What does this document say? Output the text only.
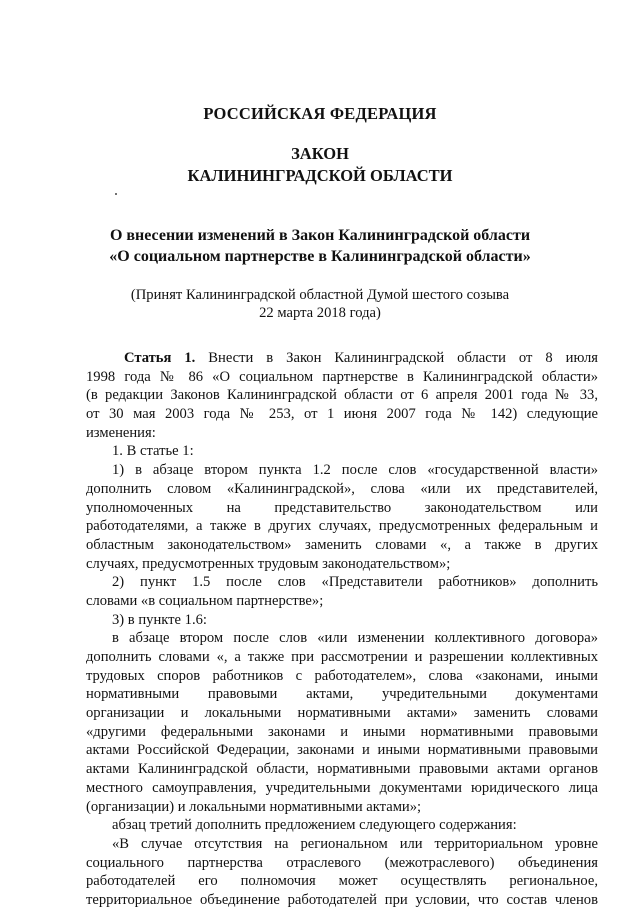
РОССИЙСКАЯ ФЕДЕРАЦИЯ
ЗАКОН
КАЛИНИНГРАДСКОЙ ОБЛАСТИ
О внесении изменений в Закон Калининградской области
«О социальном партнерстве в Калининградской области»
(Принят Калининградской областной Думой шестого созыва
22 марта 2018 года)
Статья 1. Внести в Закон Калининградской области от 8 июля
1998 года № 86 «О социальном партнерстве в Калининградской области»
(в редакции Законов Калининградской области от 6 апреля 2001 года № 33,
от 30 мая 2003 года № 253, от 1 июня 2007 года № 142) следующие
изменения:
1. В статье 1:
1) в абзаце втором пункта 1.2 после слов «государственной власти»
дополнить словом «Калининградской», слова «или их представителей,
уполномоченных на представительство законодательством или
работодателями, а также в других случаях, предусмотренных федеральным и
областным законодательством» заменить словами «, а также в других
случаях, предусмотренных трудовым законодательством»;
2) пункт 1.5 после слов «Представители работников» дополнить
словами «в социальном партнерстве»;
3) в пункте 1.6:
в абзаце втором после слов «или изменении коллективного договора»
дополнить словами «, а также при рассмотрении и разрешении коллективных
трудовых споров работников с работодателем», слова «законами, иными
нормативными правовыми актами, учредительными документами
организации и локальными нормативными актами» заменить словами
«другими федеральными законами и иными нормативными правовыми
актами Российской Федерации, законами и иными нормативными правовыми
актами Калининградской области, нормативными правовыми актами органов
местного самоуправления, учредительными документами юридического лица
(организации) и локальными нормативными актами»;
абзац третий дополнить предложением следующего содержания:
«В случае отсутствия на региональном или территориальном уровне
социального партнерства отраслевого (межотраслевого) объединения
работодателей его полномочия может осуществлять региональное,
территориальное объединение работодателей при условии, что состав членов
